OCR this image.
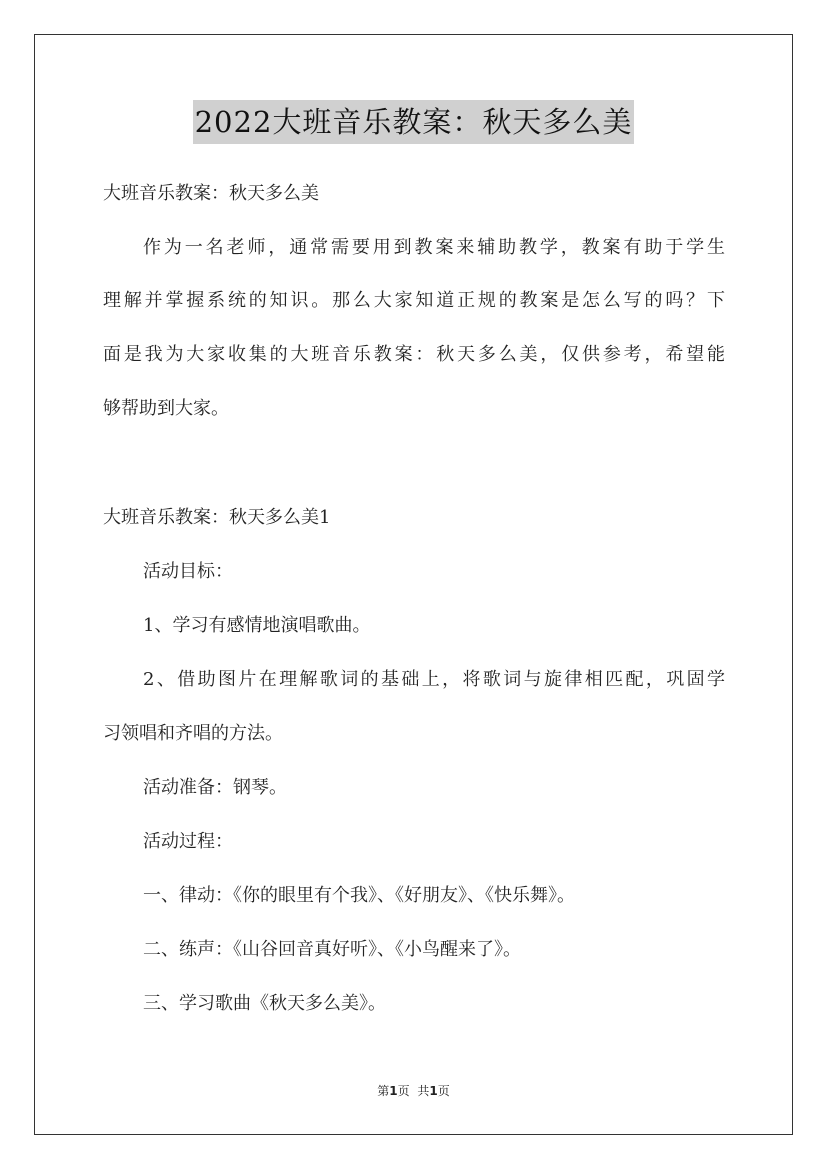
2022大班音乐教案：秋天多么美
大班音乐教案：秋天多么美
作为一名老师，通常需要用到教案来辅助教学，教案有助于学生
理解并掌握系统的知识。那么大家知道正规的教案是怎么写的吗？下
面是我为大家收集的大班音乐教案：秋天多么美，仅供参考，希望能
够帮助到大家。
大班音乐教案：秋天多么美1
活动目标：
1、学习有感情地演唱歌曲。
2、借助图片在理解歌词的基础上，将歌词与旋律相匹配，巩固学
习领唱和齐唱的方法。
活动准备：钢琴。
活动过程：
一、律动：《你的眼里有个我》、《好朋友》、《快乐舞》。
二、练声：《山谷回音真好听》、《小鸟醒来了》。
三、学习歌曲《秋天多么美》。
第1页 共1页
